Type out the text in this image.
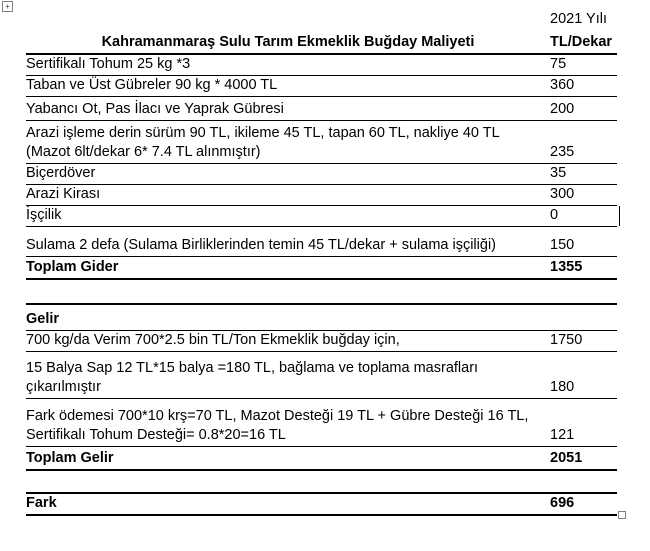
+
2021 Yılı
Kahramanmaraş Sulu Tarım Ekmeklik Buğday Maliyeti	TL/Dekar
Sertifikalı Tohum 25 kg *3	75
Taban ve Üst Gübreler 90 kg * 4000 TL	360
Yabancı Ot, Pas İlacı ve Yaprak Gübresi	200
Arazi işleme derin sürüm 90 TL, ikileme 45 TL, tapan 60 TL, nakliye 40 TL
(Mazot 6lt/dekar 6* 7.4 TL alınmıştır)	235
Biçerdöver	35
Arazi Kirası	300
İşçilik	0
Sulama 2 defa (Sulama Birliklerinden temin 45 TL/dekar + sulama işçiliği)	150
Toplam Gider	1355
Gelir
700 kg/da Verim 700*2.5 bin TL/Ton Ekmeklik buğday için,	1750
15 Balya Sap 12 TL*15 balya =180 TL, bağlama ve toplama masrafları
çıkarılmıştır	180
Fark ödemesi 700*10 krş=70 TL, Mazot Desteği 19 TL + Gübre Desteği 16 TL,
Sertifikalı Tohum Desteği= 0.8*20=16 TL	121
Toplam Gelir	2051
Fark	696
